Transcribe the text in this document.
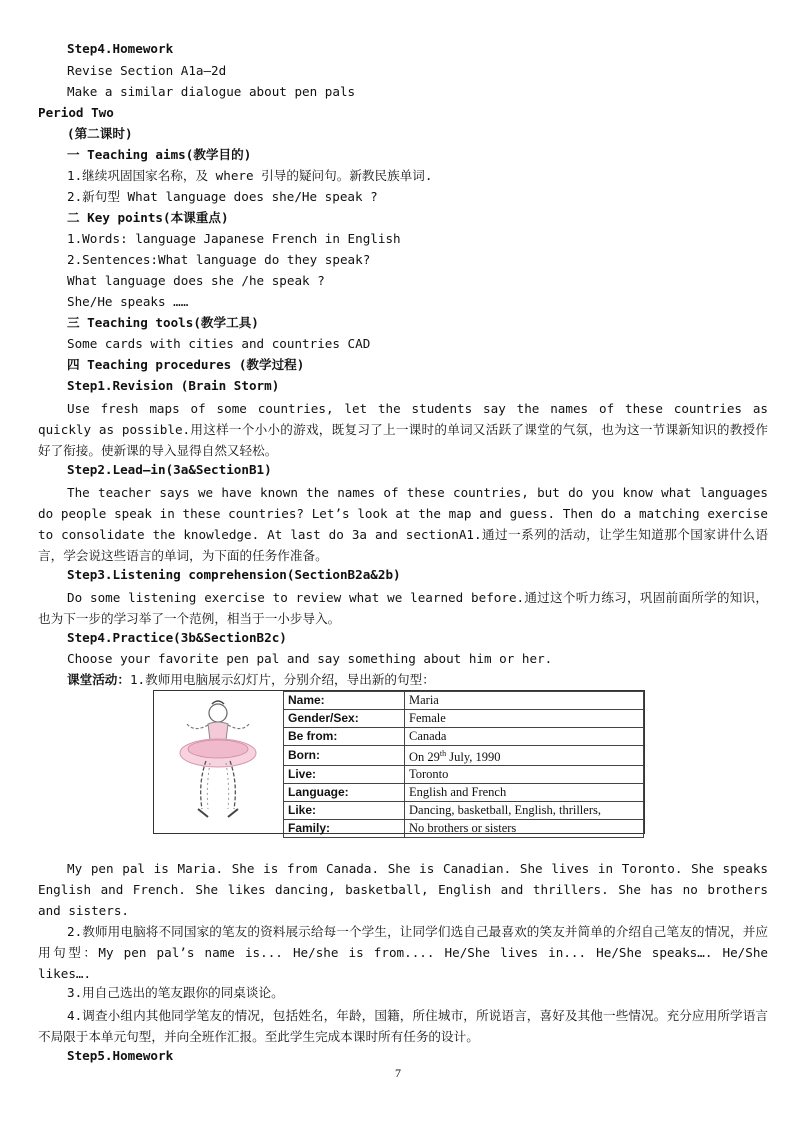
Step4.Homework
Revise Section A1a—2d
Make a similar dialogue about pen pals
Period Two
(第二课时)
一 Teaching aims(教学目的)
1.继续巩固国家名称，及 where 引导的疑问句。新教民族单词.
2.新句型 What language does she/He speak ?
二 Key points(本课重点)
1.Words: language Japanese French in English
2.Sentences:What language do they speak?
What language does she /he speak ?
She/He speaks ……
三 Teaching tools(教学工具)
Some cards with cities and countries CAD
四 Teaching procedures (教学过程)
Step1.Revision (Brain Storm)
Use fresh maps of some countries, let the students say the names of these countries as quickly as possible.用这样一个小小的游戏，既复习了上一课时的单词又活跃了课堂的气氛，也为这一节课新知识的教授作好了衔接。使新课的导入显得自然又轻松。
Step2.Lead—in(3a&SectionB1)
The teacher says we have known the names of these countries, but do you know what languages do people speak in these countries? Let’s look at the map and guess. Then do a matching exercise to consolidate the knowledge. At last do 3a and sectionA1.通过一系列的活动，让学生知道那个国家讲什么语言，学会说这些语言的单词，为下面的任务作准备。
Step3.Listening comprehension(SectionB2a&2b)
Do some listening exercise to review what we learned before.通过这个听力练习，巩固前面所学的知识，也为下一步的学习举了一个范例，相当于一小步导入。
Step4.Practice(3b&SectionB2c)
Choose your favorite pen pal and say something about him or her.
课堂活动：1.教师用电脑展示幻灯片，分别介绍，导出新的句型：
Name:	Maria
Gender/Sex:	Female
Be from:	Canada
Born:	On 29th July, 1990
Live:	Toronto
Language:	English and French
Like:	Dancing, basketball, English, thrillers,
Family:	No brothers or sisters
My pen pal is Maria. She is from Canada. She is Canadian. She lives in Toronto. She speaks English and French. She likes dancing, basketball, English and thrillers. She has no brothers and sisters.
2.教师用电脑将不同国家的笔友的资料展示给每一个学生，让同学们选自己最喜欢的笑友并简单的介绍自己笔友的情况，并应用句型：My pen pal’s name is... He/she is from.... He/She lives in... He/She speaks…. He/She likes….
3.用自己选出的笔友跟你的同桌谈论。
4.调查小组内其他同学笔友的情况，包括姓名，年龄，国籍，所住城市，所说语言，喜好及其他一些情况。充分应用所学语言不局限于本单元句型，并向全班作汇报。至此学生完成本课时所有任务的设计。
Step5.Homework
7
